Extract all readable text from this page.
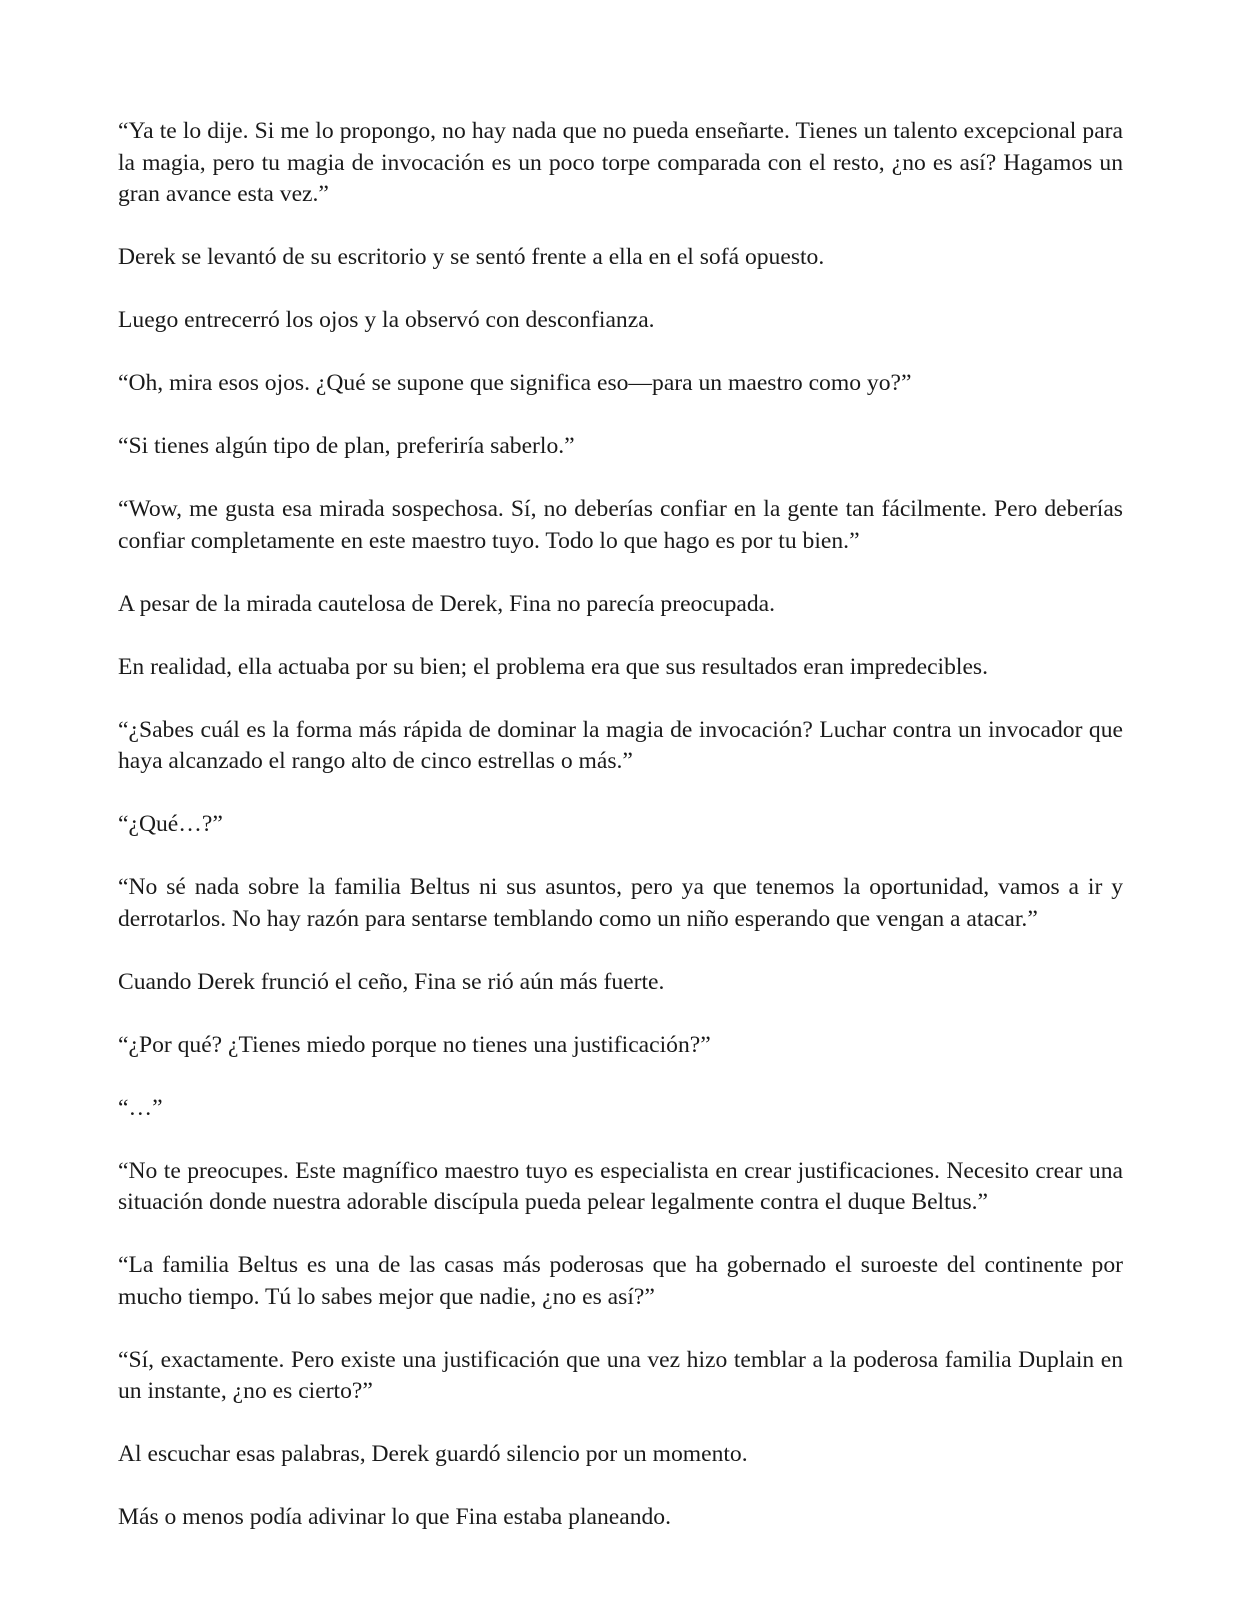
“Ya te lo dije. Si me lo propongo, no hay nada que no pueda enseñarte. Tienes un talento excepcional para la magia, pero tu magia de invocación es un poco torpe comparada con el resto, ¿no es así? Hagamos un gran avance esta vez.”

Derek se levantó de su escritorio y se sentó frente a ella en el sofá opuesto.

Luego entrecerró los ojos y la observó con desconfianza.

“Oh, mira esos ojos. ¿Qué se supone que significa eso—para un maestro como yo?”

“Si tienes algún tipo de plan, preferiría saberlo.”

“Wow, me gusta esa mirada sospechosa. Sí, no deberías confiar en la gente tan fácilmente. Pero deberías confiar completamente en este maestro tuyo. Todo lo que hago es por tu bien.”

A pesar de la mirada cautelosa de Derek, Fina no parecía preocupada.

En realidad, ella actuaba por su bien; el problema era que sus resultados eran impredecibles.

“¿Sabes cuál es la forma más rápida de dominar la magia de invocación? Luchar contra un invocador que haya alcanzado el rango alto de cinco estrellas o más.”

“¿Qué…?”

“No sé nada sobre la familia Beltus ni sus asuntos, pero ya que tenemos la oportunidad, vamos a ir y derrotarlos. No hay razón para sentarse temblando como un niño esperando que vengan a atacar.”

Cuando Derek frunció el ceño, Fina se rió aún más fuerte.

“¿Por qué? ¿Tienes miedo porque no tienes una justificación?”

“…”

“No te preocupes. Este magnífico maestro tuyo es especialista en crear justificaciones. Necesito crear una situación donde nuestra adorable discípula pueda pelear legalmente contra el duque Beltus.”

“La familia Beltus es una de las casas más poderosas que ha gobernado el suroeste del continente por mucho tiempo. Tú lo sabes mejor que nadie, ¿no es así?”

“Sí, exactamente. Pero existe una justificación que una vez hizo temblar a la poderosa familia Duplain en un instante, ¿no es cierto?”

Al escuchar esas palabras, Derek guardó silencio por un momento.

Más o menos podía adivinar lo que Fina estaba planeando.
